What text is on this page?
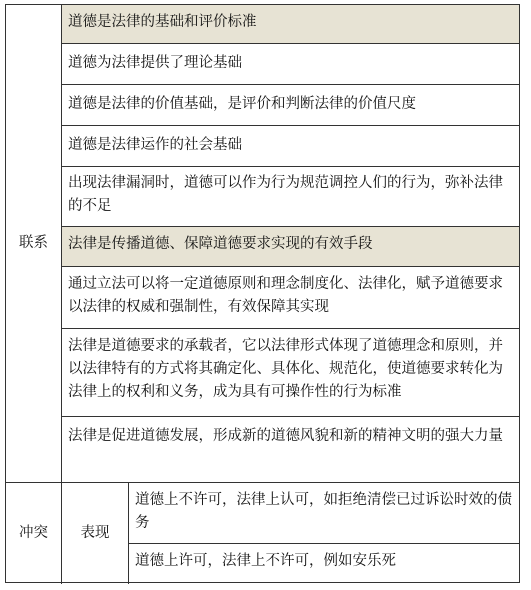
联系
道德是法律的基础和评价标准
道德为法律提供了理论基础
道德是法律的价值基础，是评价和判断法律的价值尺度
道德是法律运作的社会基础
出现法律漏洞时，道德可以作为行为规范调控人们的行为，弥补法律的不足
法律是传播道德、保障道德要求实现的有效手段
通过立法可以将一定道德原则和理念制度化、法律化，赋予道德要求以法律的权威和强制性，有效保障其实现
法律是道德要求的承载者，它以法律形式体现了道德理念和原则，并以法律特有的方式将其确定化、具体化、规范化，使道德要求转化为法律上的权利和义务，成为具有可操作性的行为标准
法律是促进道德发展，形成新的道德风貌和新的精神文明的强大力量
冲突	表现
道德上不许可，法律上认可，如拒绝清偿已过诉讼时效的债务
道德上许可，法律上不许可，例如安乐死
